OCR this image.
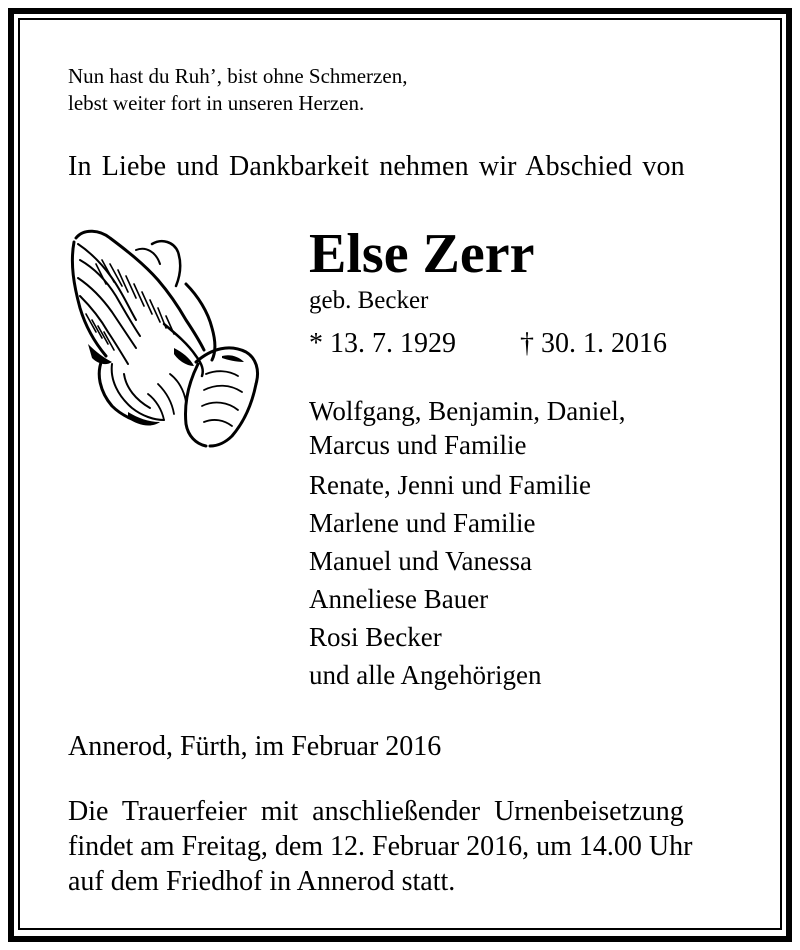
Nun hast du Ruh’, bist ohne Schmerzen,
lebst weiter fort in unseren Herzen.
In Liebe und Dankbarkeit nehmen wir Abschied von
Else Zerr
geb. Becker
* 13. 7. 1929 † 30. 1. 2016
Wolfgang, Benjamin, Daniel,
Marcus und Familie
Renate, Jenni und Familie
Marlene und Familie
Manuel und Vanessa
Anneliese Bauer
Rosi Becker
und alle Angehörigen
Annerod, Fürth, im Februar 2016
Die Trauerfeier mit anschließender Urnenbeisetzung
findet am Freitag, dem 12. Februar 2016, um 14.00 Uhr
auf dem Friedhof in Annerod statt.
